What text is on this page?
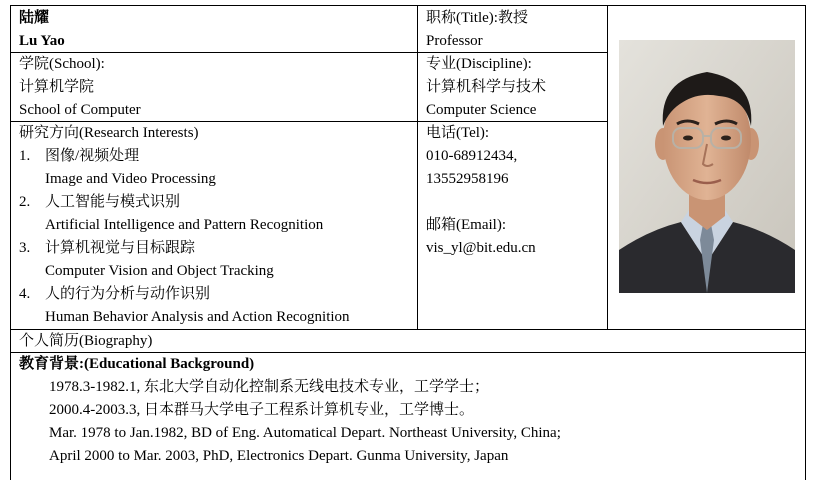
陆耀
Lu Yao
职称(Title):教授
Professor
学院(School):
计算机学院
School of Computer
专业(Discipline):
计算机科学与技术
Computer Science
研究方向(Research Interests)
1. 图像/视频处理
Image and Video Processing
2. 人工智能与模式识别
Artificial Intelligence and Pattern Recognition
3. 计算机视觉与目标跟踪
Computer Vision and Object Tracking
4. 人的行为分析与动作识别
Human Behavior Analysis and Action Recognition
电话(Tel):
010-68912434,
13552958196

邮箱(Email):
vis_yl@bit.edu.cn
个人简历(Biography)
教育背景:(Educational Background)
1978.3-1982.1, 东北大学自动化控制系无线电技术专业，工学学士；
2000.4-2003.3, 日本群马大学电子工程系计算机专业，工学博士。
Mar. 1978 to Jan.1982, BD of Eng. Automatical Depart. Northeast University, China;
April 2000 to Mar. 2003, PhD, Electronics Depart. Gunma University, Japan
